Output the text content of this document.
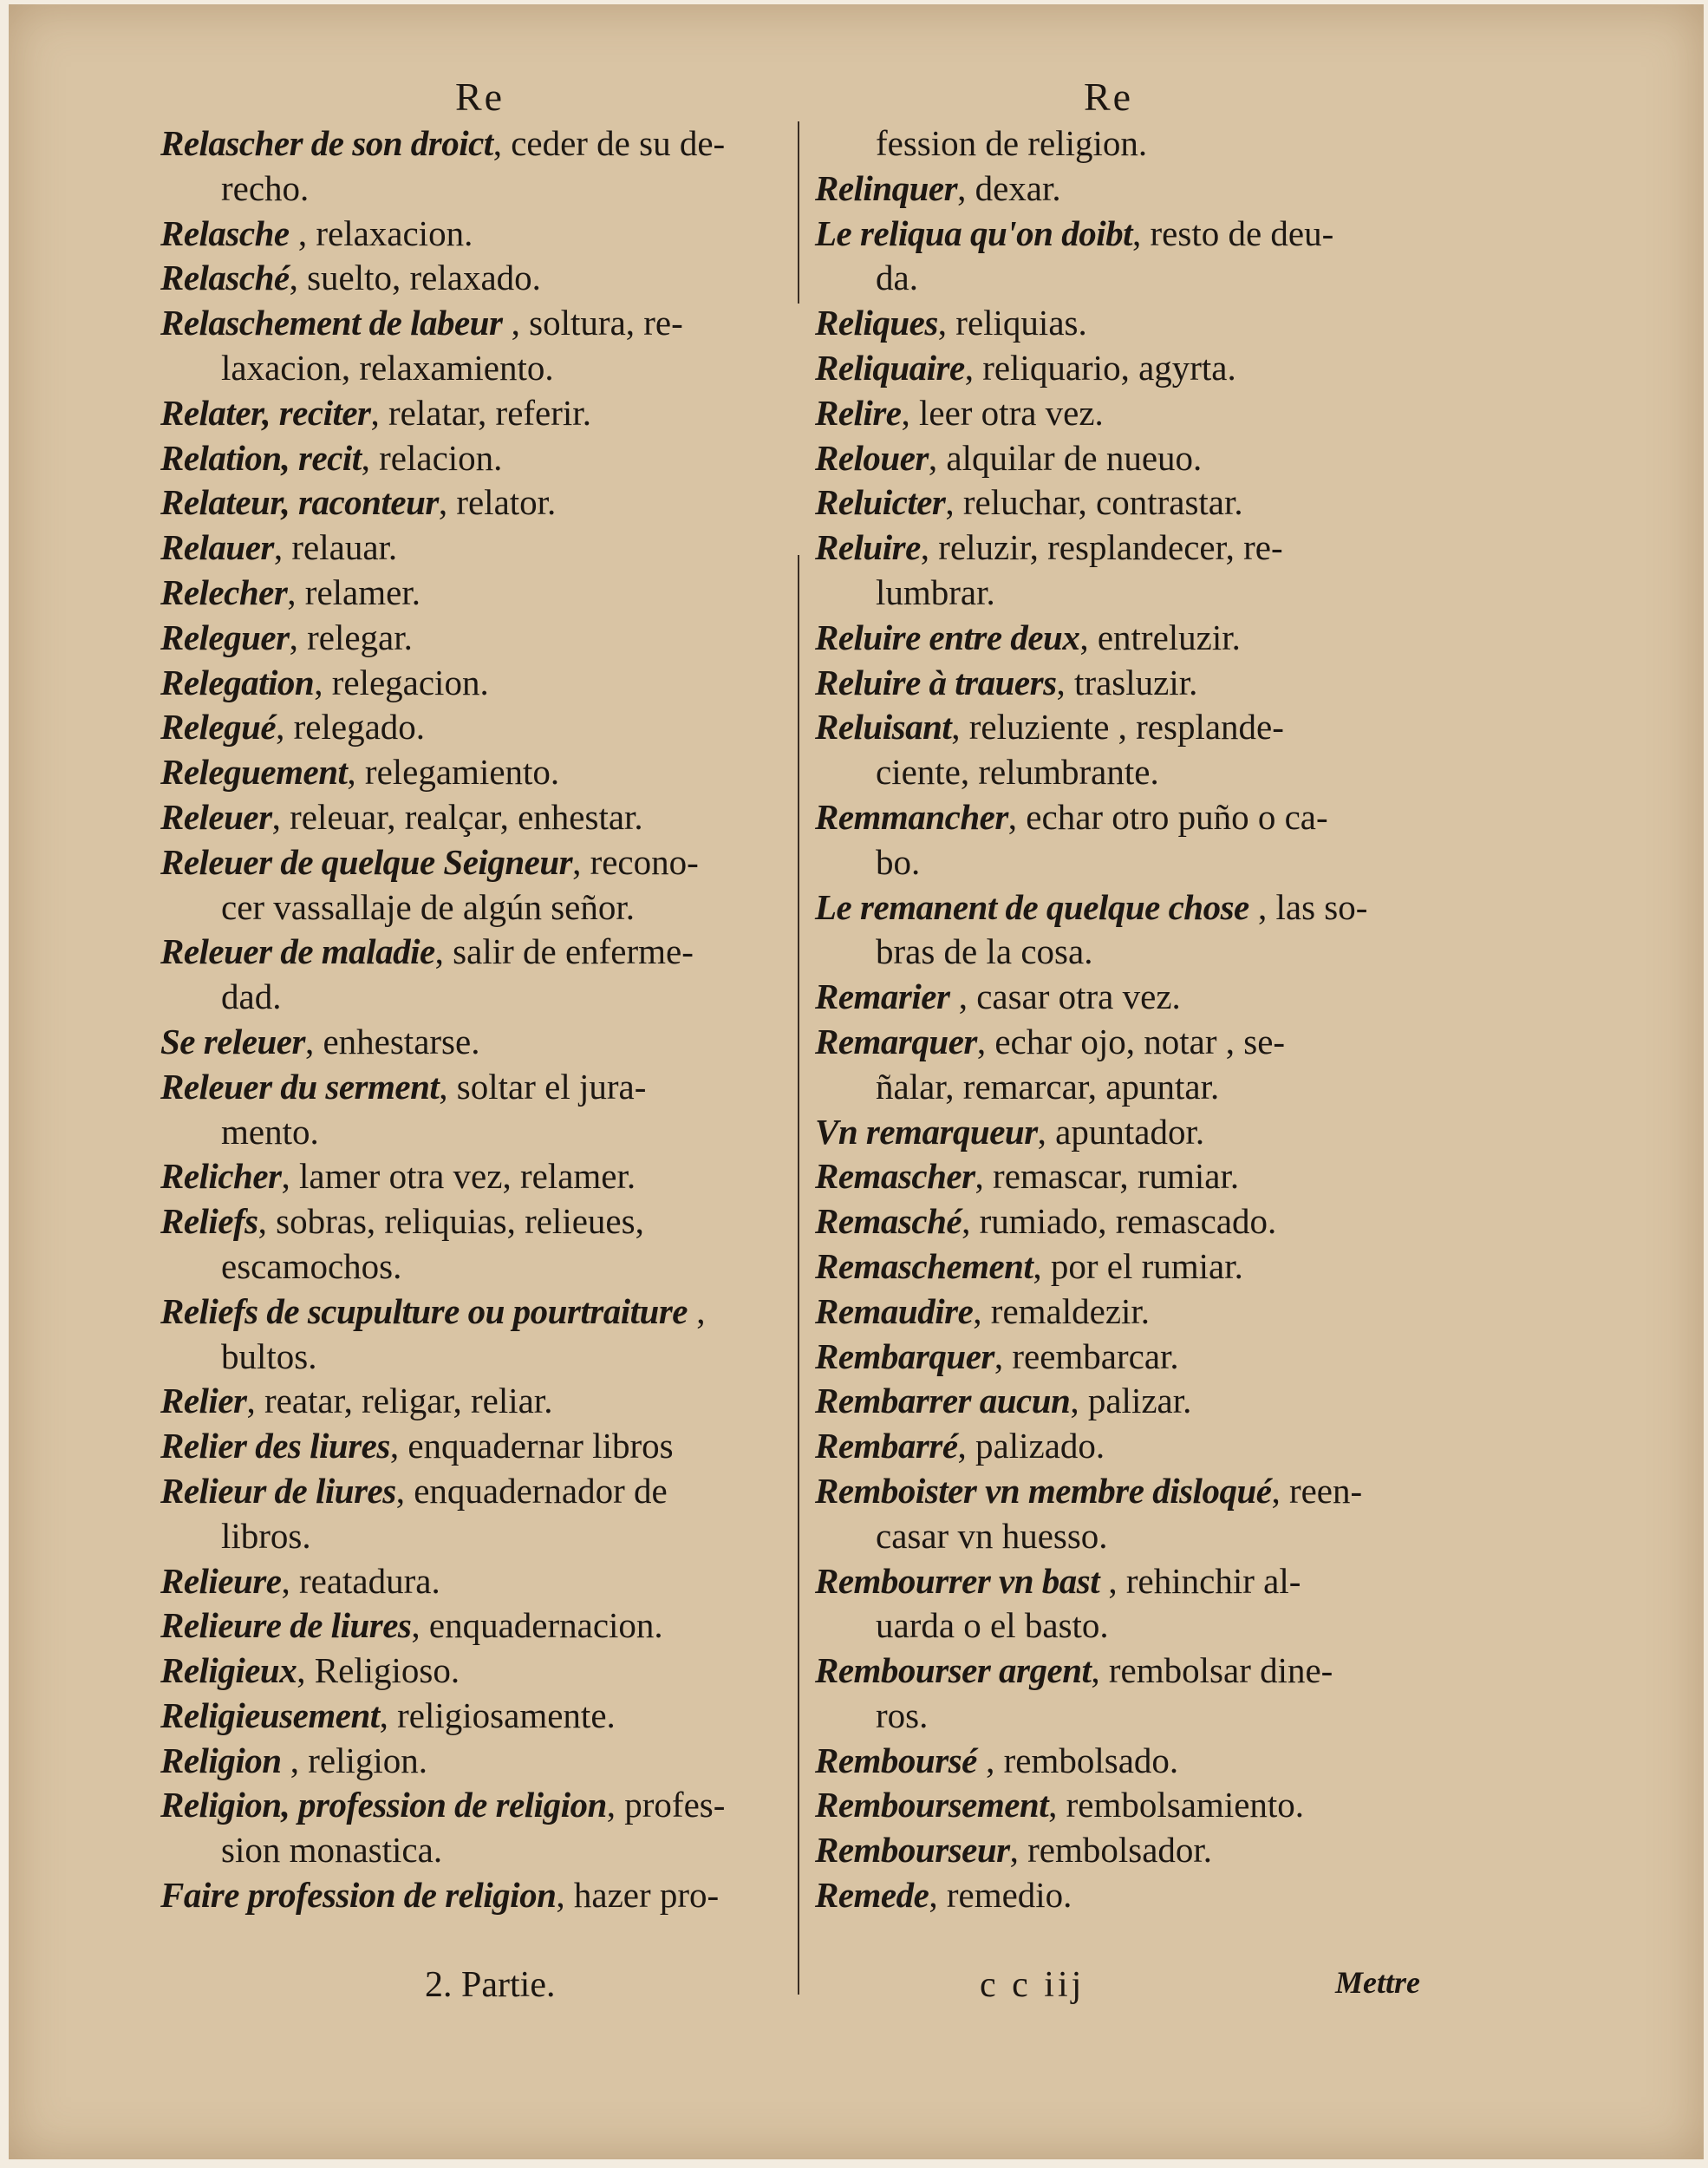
Re	Re

Relascher de son droict, ceder de su de-

recho.

Relasche , relaxacion.

Relasché, suelto, relaxado.

Relaschement de labeur , soltura, re-

laxacion, relaxamiento.

Relater, reciter, relatar, referir.

Relation, recit, relacion.

Relateur, raconteur, relator.

Relauer, relauar.

Relecher, relamer.

Releguer, relegar.

Relegation, relegacion.

Relegué, relegado.

Releguement, relegamiento.

Releuer, releuar, realçar, enhestar.

Releuer de quelque Seigneur, recono-

cer vassallaje de algún señor.

Releuer de maladie, salir de enferme-

dad.

Se releuer, enhestarse.

Releuer du serment, soltar el jura-

mento.

Relicher, lamer otra vez, relamer.

Reliefs, sobras, reliquias, relieues,

escamochos.

Reliefs de scupulture ou pourtraiture ,

bultos.

Relier, reatar, religar, reliar.

Relier des liures, enquadernar libros

Relieur de liures, enquadernador de

libros.

Relieure, reatadura.

Relieure de liures, enquadernacion.

Religieux, Religioso.

Religieusement, religiosamente.

Religion , religion.

Religion, profession de religion, profes-

sion monastica.

Faire profession de religion, hazer pro-

fession de religion.

Relinquer, dexar.

Le reliqua qu'on doibt, resto de deu-

da.

Reliques, reliquias.

Reliquaire, reliquario, agyrta.

Relire, leer otra vez.

Relouer, alquilar de nueuo.

Reluicter, reluchar, contrastar.

Reluire, reluzir, resplandecer, re-

lumbrar.

Reluire entre deux, entreluzir.

Reluire à trauers, trasluzir.

Reluisant, reluziente , resplande-

ciente, relumbrante.

Remmancher, echar otro puño o ca-

bo.

Le remanent de quelque chose , las so-

bras de la cosa.

Remarier , casar otra vez.

Remarquer, echar ojo, notar , se-

ñalar, remarcar, apuntar.

Vn remarqueur, apuntador.

Remascher, remascar, rumiar.

Remasché, rumiado, remascado.

Remaschement, por el rumiar.

Remaudire, remaldezir.

Rembarquer, reembarcar.

Rembarrer aucun, palizar.

Rembarré, palizado.

Remboister vn membre disloqué, reen-

casar vn huesso.

Rembourrer vn bast , rehinchir al-

uarda o el basto.

Rembourser argent, rembolsar dine-

ros.

Remboursé , rembolsado.

Remboursement, rembolsamiento.

Rembourseur, rembolsador.

Remede, remedio.

2. Partie.	c c iij	Mettre
